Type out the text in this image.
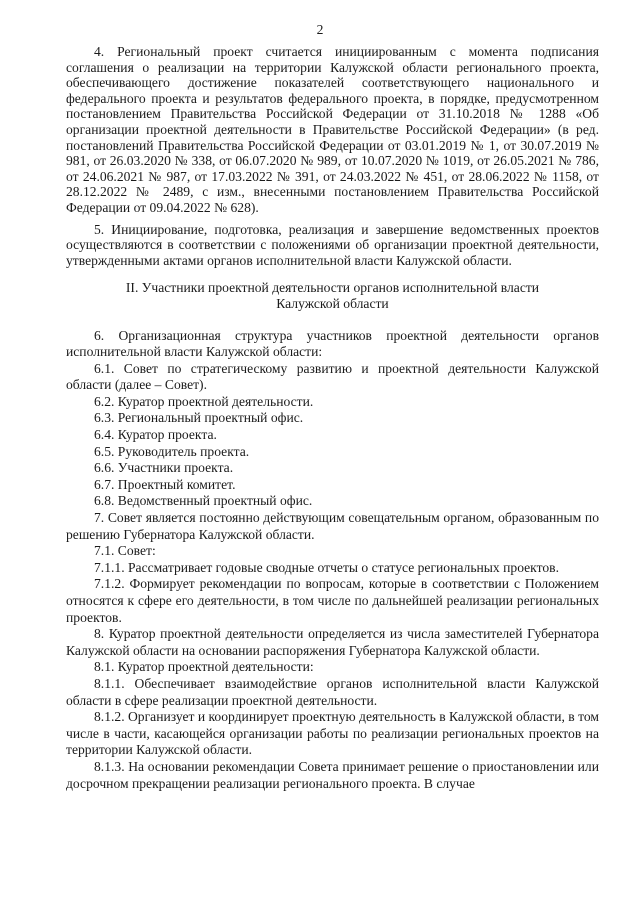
2

4. Региональный проект считается инициированным с момента подписания соглашения о реализации на территории Калужской области регионального проекта, обеспечивающего достижение показателей соответствующего национального и федерального проекта и результатов федерального проекта, в порядке, предусмотренном постановлением Правительства Российской Федерации от 31.10.2018 № 1288 «Об организации проектной деятельности в Правительстве Российской Федерации» (в ред. постановлений Правительства Российской Федерации от 03.01.2019 № 1, от 30.07.2019 № 981, от 26.03.2020 № 338, от 06.07.2020 № 989, от 10.07.2020 № 1019, от 26.05.2021 № 786, от 24.06.2021 № 987, от 17.03.2022 № 391, от 24.03.2022 № 451, от 28.06.2022 № 1158, от 28.12.2022 № 2489, с изм., внесенными постановлением Правительства Российской Федерации от 09.04.2022 № 628).

5. Инициирование, подготовка, реализация и завершение ведомственных проектов осуществляются в соответствии с положениями об организации проектной деятельности, утвержденными актами органов исполнительной власти Калужской области.

II. Участники проектной деятельности органов исполнительной власти
Калужской области

6. Организационная структура участников проектной деятельности органов исполнительной власти Калужской области:

6.1. Совет по стратегическому развитию и проектной деятельности Калужской области (далее – Совет).

6.2. Куратор проектной деятельности.

6.3. Региональный проектный офис.

6.4. Куратор проекта.

6.5. Руководитель проекта.

6.6. Участники проекта.

6.7. Проектный комитет.

6.8. Ведомственный проектный офис.

7. Совет является постоянно действующим совещательным органом, образованным по решению Губернатора Калужской области.

7.1. Совет:

7.1.1. Рассматривает годовые сводные отчеты о статусе региональных проектов.

7.1.2. Формирует рекомендации по вопросам, которые в соответствии с Положением относятся к сфере его деятельности, в том числе по дальнейшей реализации региональных проектов.

8. Куратор проектной деятельности определяется из числа заместителей Губернатора Калужской области на основании распоряжения Губернатора Калужской области.

8.1. Куратор проектной деятельности:

8.1.1. Обеспечивает взаимодействие органов исполнительной власти Калужской области в сфере реализации проектной деятельности.

8.1.2. Организует и координирует проектную деятельность в Калужской области, в том числе в части, касающейся организации работы по реализации региональных проектов на территории Калужской области.

8.1.3. На основании рекомендации Совета принимает решение о приостановлении или досрочном прекращении реализации регионального проекта. В случае
